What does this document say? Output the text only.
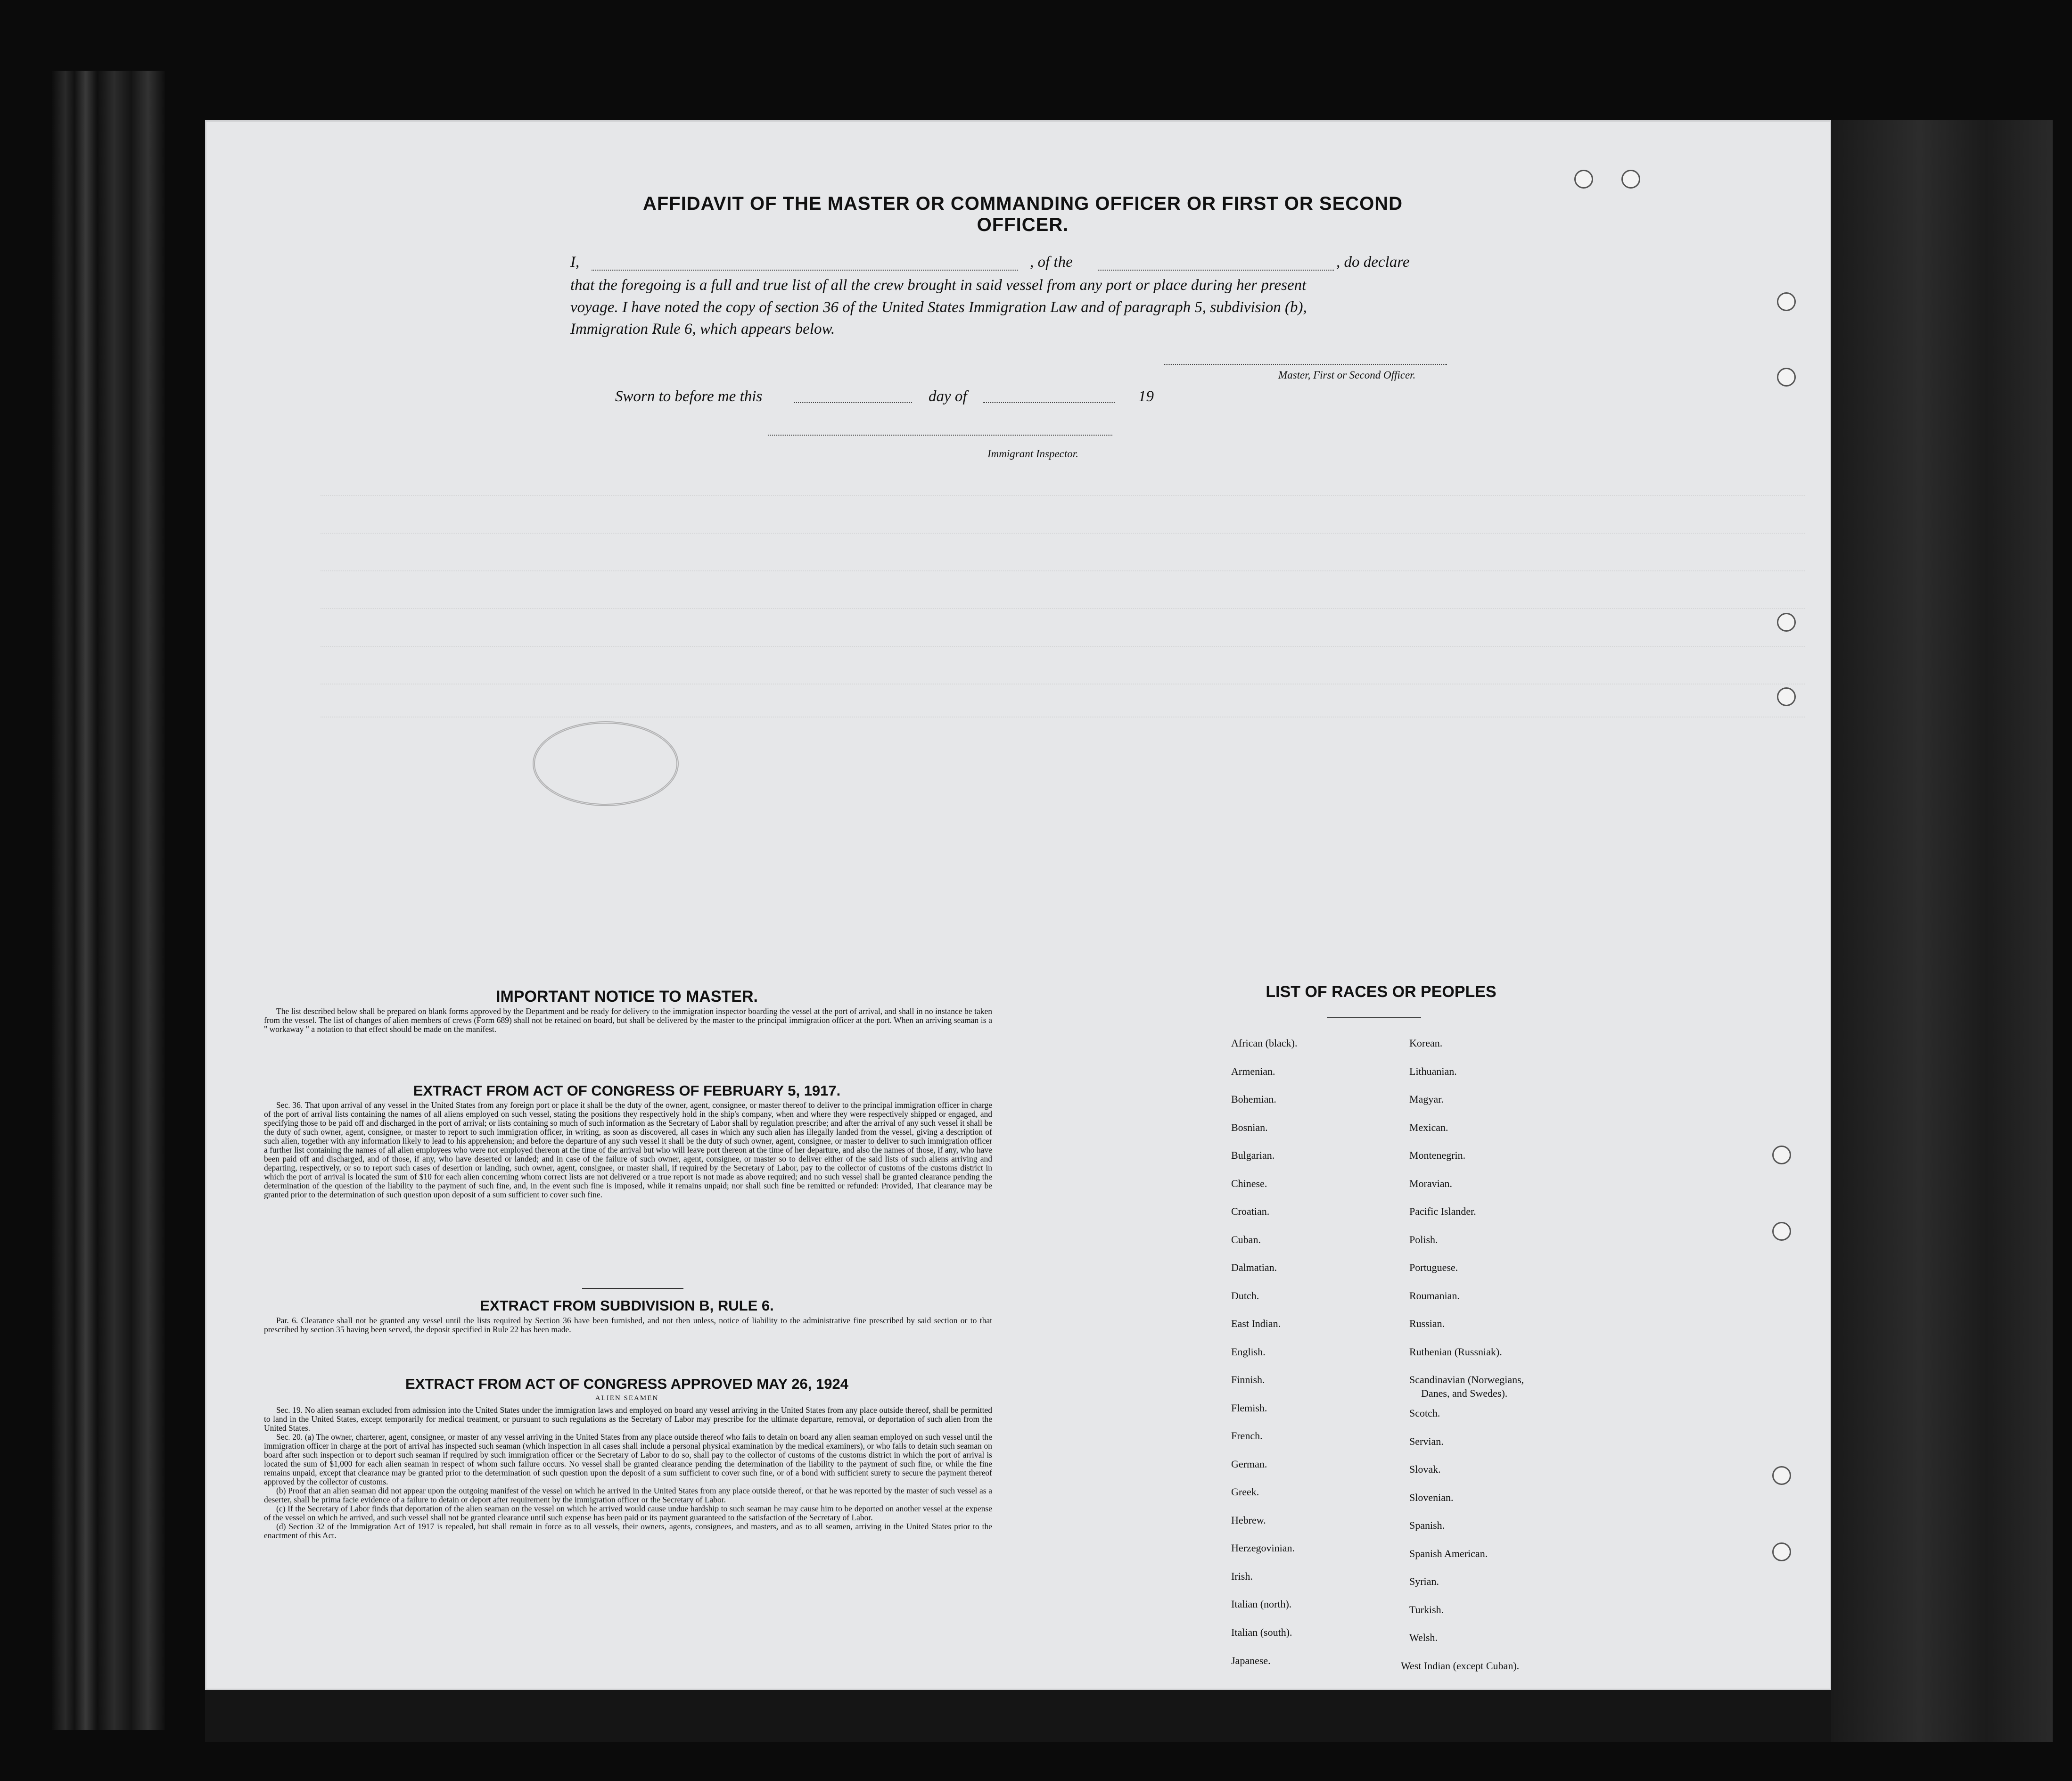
AFFIDAVIT OF THE MASTER OR COMMANDING OFFICER OR FIRST OR SECOND OFFICER.
I,	, of the	, do declare
that the foregoing is a full and true list of all the crew brought in said vessel from any port or place during her present
voyage. I have noted the copy of section 36 of the United States Immigration Law and of paragraph 5, subdivision (b),
Immigration Rule 6, which appears below.
Master, First or Second Officer.
Sworn to before me this	day of	19
Immigrant Inspector.
IMPORTANT NOTICE TO MASTER.

The list described below shall be prepared on blank forms approved by the Department and be ready for delivery to the immigration inspector boarding the vessel at the port of arrival, and shall in no instance be taken from the vessel. The list of changes of alien members of crews (Form 689) shall not be retained on board, but shall be delivered by the master to the principal immigration officer at the port. When an arriving seaman is a " workaway " a notation to that effect should be made on the manifest.

EXTRACT FROM ACT OF CONGRESS OF FEBRUARY 5, 1917.

Sec. 36. That upon arrival of any vessel in the United States from any foreign port or place it shall be the duty of the owner, agent, consignee, or master thereof to deliver to the principal immigration officer in charge of the port of arrival lists containing the names of all aliens employed on such vessel, stating the positions they respectively hold in the ship's company, when and where they were respectively shipped or engaged, and specifying those to be paid off and discharged in the port of arrival; or lists containing so much of such information as the Secretary of Labor shall by regulation prescribe; and after the arrival of any such vessel it shall be the duty of such owner, agent, consignee, or master to report to such immigration officer, in writing, as soon as discovered, all cases in which any such alien has illegally landed from the vessel, giving a description of such alien, together with any information likely to lead to his apprehension; and before the departure of any such vessel it shall be the duty of such owner, agent, consignee, or master to deliver to such immigration officer a further list containing the names of all alien employees who were not employed thereon at the time of the arrival but who will leave port thereon at the time of her departure, and also the names of those, if any, who have been paid off and discharged, and of those, if any, who have deserted or landed; and in case of the failure of such owner, agent, consignee, or master so to deliver either of the said lists of such aliens arriving and departing, respectively, or so to report such cases of desertion or landing, such owner, agent, consignee, or master shall, if required by the Secretary of Labor, pay to the collector of customs of the customs district in which the port of arrival is located the sum of $10 for each alien concerning whom correct lists are not delivered or a true report is not made as above required; and no such vessel shall be granted clearance pending the determination of the question of the liability to the payment of such fine, and, in the event such fine is imposed, while it remains unpaid; nor shall such fine be remitted or refunded: Provided, That clearance may be granted prior to the determination of such question upon deposit of a sum sufficient to cover such fine.

EXTRACT FROM SUBDIVISION B, RULE 6.

Par. 6. Clearance shall not be granted any vessel until the lists required by Section 36 have been furnished, and not then unless, notice of liability to the administrative fine prescribed by said section or to that prescribed by section 35 having been served, the deposit specified in Rule 22 has been made.

EXTRACT FROM ACT OF CONGRESS APPROVED MAY 26, 1924
ALIEN SEAMEN

Sec. 19. No alien seaman excluded from admission into the United States under the immigration laws and employed on board any vessel arriving in the United States from any place outside thereof, shall be permitted to land in the United States, except temporarily for medical treatment, or pursuant to such regulations as the Secretary of Labor may prescribe for the ultimate departure, removal, or deportation of such alien from the United States.

Sec. 20. (a) The owner, charterer, agent, consignee, or master of any vessel arriving in the United States from any place outside thereof who fails to detain on board any alien seaman employed on such vessel until the immigration officer in charge at the port of arrival has inspected such seaman (which inspection in all cases shall include a personal physical examination by the medical examiners), or who fails to detain such seaman on board after such inspection or to deport such seaman if required by such immigration officer or the Secretary of Labor to do so, shall pay to the collector of customs of the customs district in which the port of arrival is located the sum of $1,000 for each alien seaman in respect of whom such failure occurs. No vessel shall be granted clearance pending the determination of the liability to the payment of such fine, or while the fine remains unpaid, except that clearance may be granted prior to the determination of such question upon the deposit of a sum sufficient to cover such fine, or of a bond with sufficient surety to secure the payment thereof approved by the collector of customs.

(b) Proof that an alien seaman did not appear upon the outgoing manifest of the vessel on which he arrived in the United States from any place outside thereof, or that he was reported by the master of such vessel as a deserter, shall be prima facie evidence of a failure to detain or deport after requirement by the immigration officer or the Secretary of Labor.

(c) If the Secretary of Labor finds that deportation of the alien seaman on the vessel on which he arrived would cause undue hardship to such seaman he may cause him to be deported on another vessel at the expense of the vessel on which he arrived, and such vessel shall not be granted clearance until such expense has been paid or its payment guaranteed to the satisfaction of the Secretary of Labor.

(d) Section 32 of the Immigration Act of 1917 is repealed, but shall remain in force as to all vessels, their owners, agents, consignees, and masters, and as to all seamen, arriving in the United States prior to the enactment of this Act.

LIST OF RACES OR PEOPLES
African (black).
Armenian.
Bohemian.
Bosnian.
Bulgarian.
Chinese.
Croatian.
Cuban.
Dalmatian.
Dutch.
East Indian.
English.
Finnish.
Flemish.
French.
German.
Greek.
Hebrew.
Herzegovinian.
Irish.
Italian (north).
Italian (south).
Japanese.
Korean.
Lithuanian.
Magyar.
Mexican.
Montenegrin.
Moravian.
Pacific Islander.
Polish.
Portuguese.
Roumanian.
Russian.
Ruthenian (Russniak).
Scandinavian (Norwegians,
Danes, and Swedes).
Scotch.
Servian.
Slovak.
Slovenian.
Spanish.
Spanish American.
Syrian.
Turkish.
Welsh.
West Indian (except Cuban).
